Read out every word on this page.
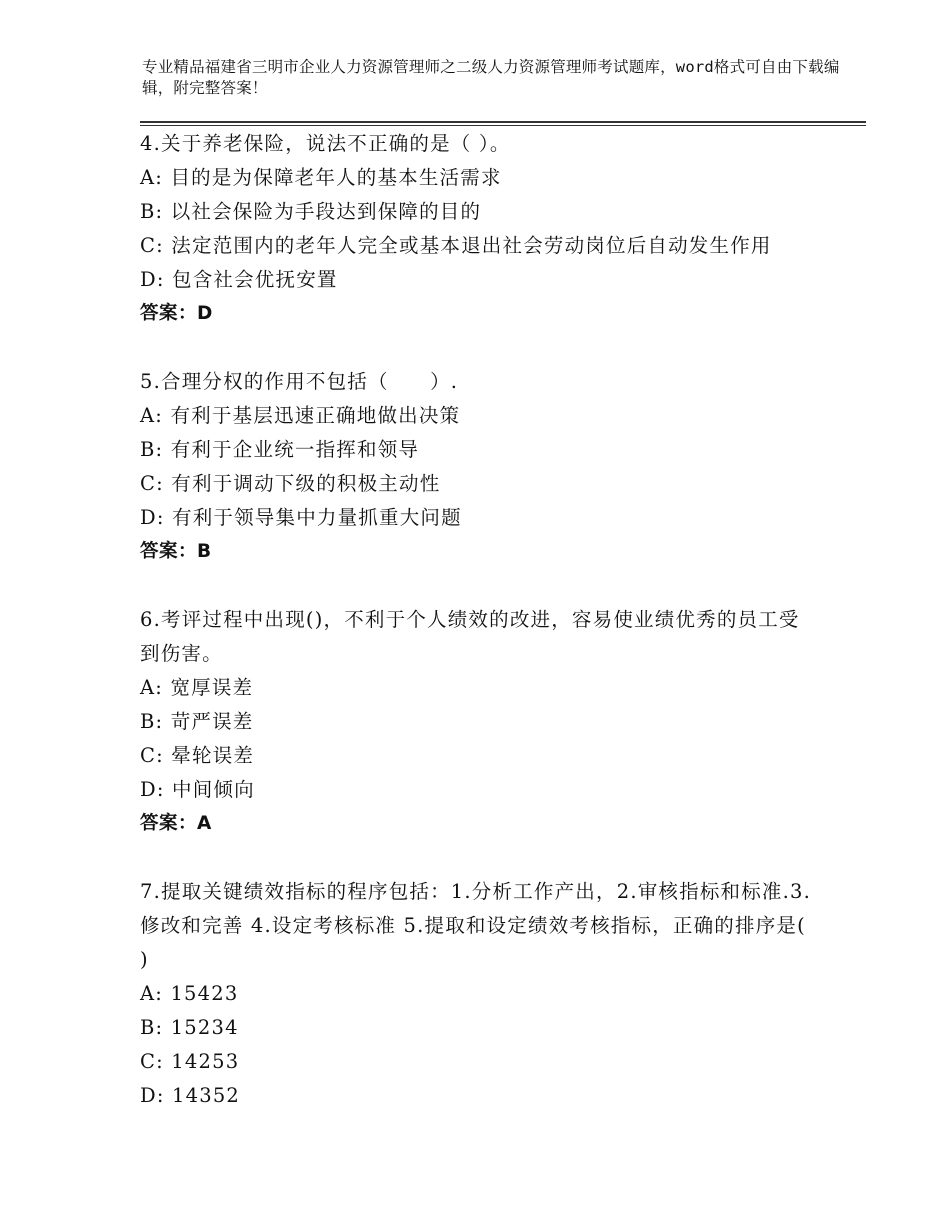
专业精品福建省三明市企业人力资源管理师之二级人力资源管理师考试题库，word格式可自由下载编辑，附完整答案！
4.关于养老保险，说法不正确的是（ ）。
A: 目的是为保障老年人的基本生活需求
B: 以社会保险为手段达到保障的目的
C: 法定范围内的老年人完全或基本退出社会劳动岗位后自动发生作用
D: 包含社会优抚安置
答案：D
5.合理分权的作用不包括（　　）.
A: 有利于基层迅速正确地做出决策
B: 有利于企业统一指挥和领导
C: 有利于调动下级的积极主动性
D: 有利于领导集中力量抓重大问题
答案：B
6.考评过程中出现()，不利于个人绩效的改进，容易使业绩优秀的员工受到伤害。
A: 宽厚误差
B: 苛严误差
C: 晕轮误差
D: 中间倾向
答案：A
7.提取关键绩效指标的程序包括：1.分析工作产出，2.审核指标和标准.3.修改和完善 4.设定考核标准 5.提取和设定绩效考核指标，正确的排序是( )
A: 15423
B: 15234
C: 14253
D: 14352
